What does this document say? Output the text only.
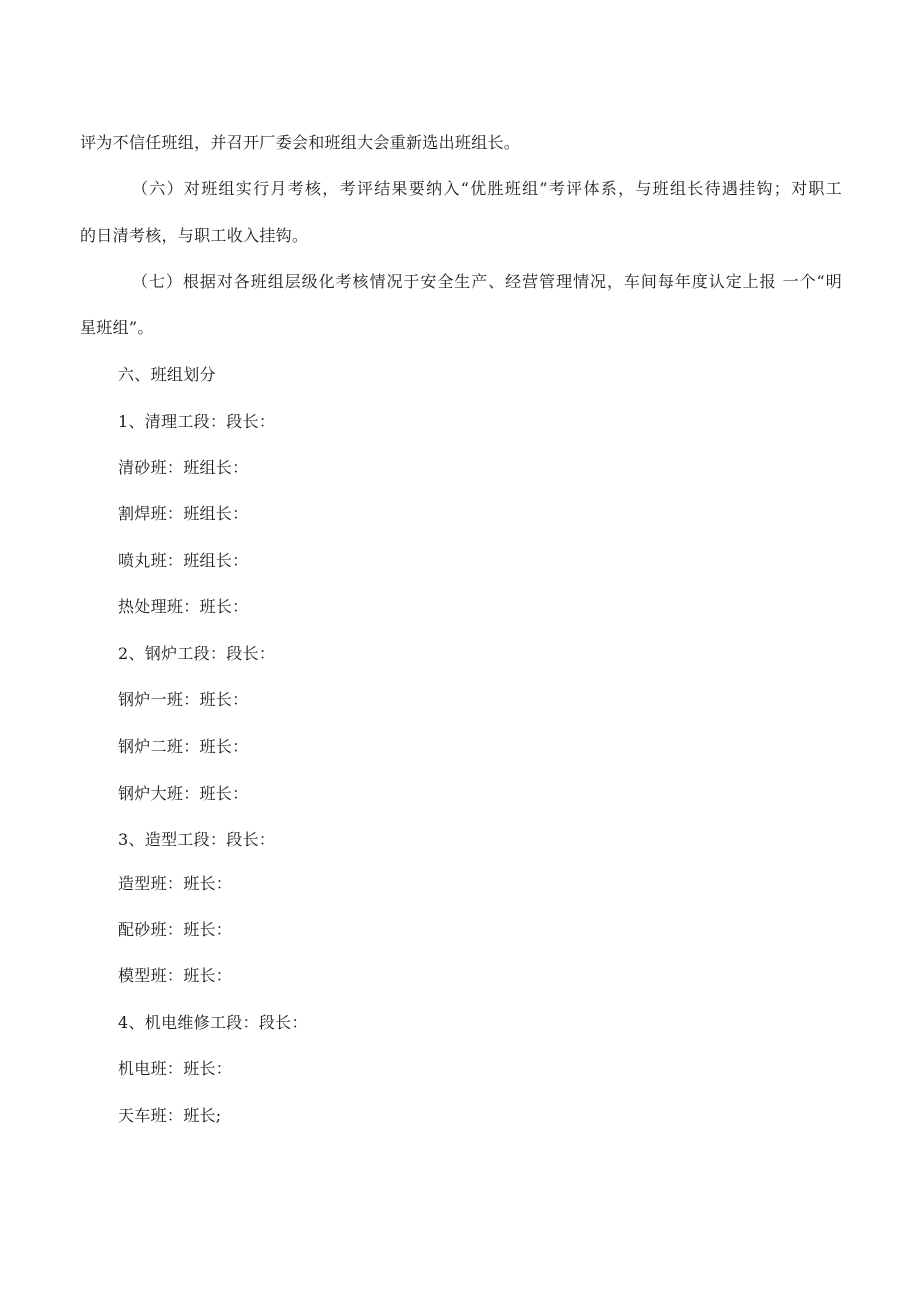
评为不信任班组，并召开厂委会和班组大会重新选出班组长。
（六）对班组实行月考核，考评结果要纳入“优胜班组”考评体系，与班组长待遇挂钩；对职工
的日清考核，与职工收入挂钩。
（七）根据对各班组层级化考核情况于安全生产、经营管理情况，车间每年度认定上报 一个“明
星班组”。
六、班组划分
1、清理工段：段长：
清砂班：班组长：
割焊班：班组长：
喷丸班：班组长：
热处理班：班长：
2、钢炉工段：段长：
钢炉一班：班长：
钢炉二班：班长：
钢炉大班：班长：
3、造型工段：段长：
造型班：班长：
配砂班：班长：
模型班：班长：
4、机电维修工段：段长：
机电班：班长：
天车班：班长;
